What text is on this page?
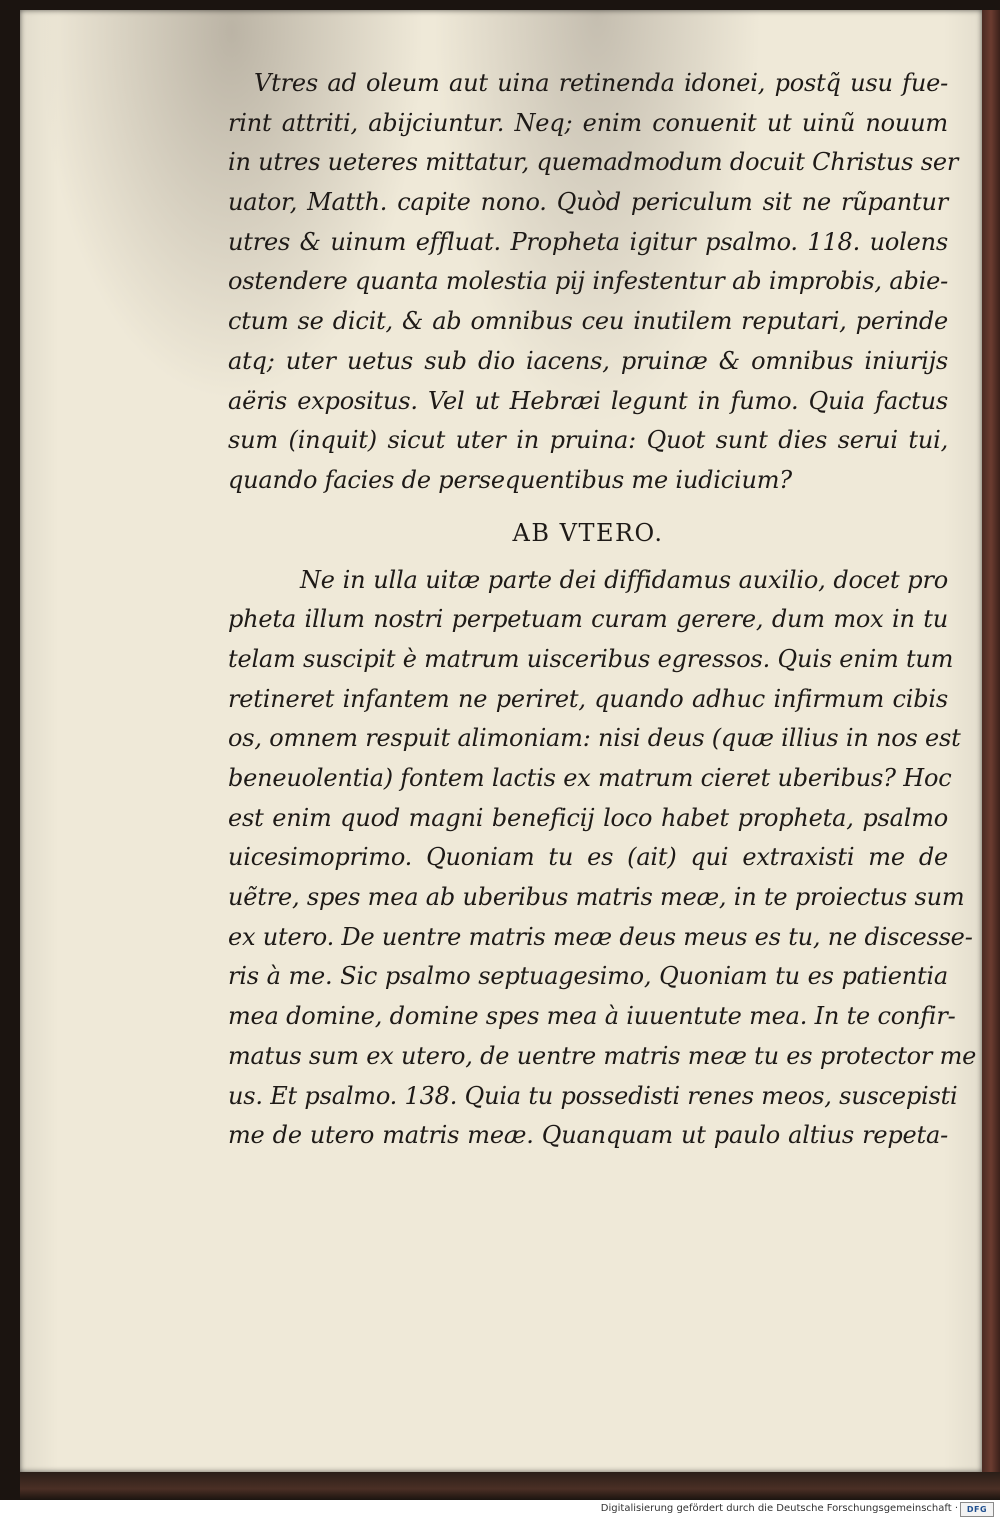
Vtres ad oleum aut uina retinenda idonei, postq̃ usu fue-
rint attriti, abijciuntur. Neq; enim conuenit ut uinũ nouum
in utres ueteres mittatur, quemadmodum docuit Christus ser
uator, Matth. capite nono. Quòd periculum sit ne rũpantur
utres & uinum effluat. Propheta igitur psalmo. 118. uolens
ostendere quanta molestia pij infestentur ab improbis, abie-
ctum se dicit, & ab omnibus ceu inutilem reputari, perinde
atq; uter uetus sub dio iacens, pruinæ & omnibus iniurijs
aëris expositus. Vel ut Hebræi legunt in fumo. Quia factus
sum (inquit) sicut uter in pruina: Quot sunt dies serui tui,
quando facies de persequentibus me iudicium?
AB VTERO.
Ne in ulla uitæ parte dei diffidamus auxilio, docet pro
pheta illum nostri perpetuam curam gerere, dum mox in tu
telam suscipit è matrum uisceribus egressos. Quis enim tum
retineret infantem ne periret, quando adhuc infirmum cibis
os, omnem respuit alimoniam: nisi deus (quæ illius in nos est
beneuolentia) fontem lactis ex matrum cieret uberibus? Hoc
est enim quod magni beneficij loco habet propheta, psalmo
uicesimoprimo. Quoniam tu es (ait) qui extraxisti me de
uẽtre, spes mea ab uberibus matris meæ, in te proiectus sum
ex utero. De uentre matris meæ deus meus es tu, ne discesse-
ris à me. Sic psalmo septuagesimo, Quoniam tu es patientia
mea domine, domine spes mea à iuuentute mea. In te confir-
matus sum ex utero, de uentre matris meæ tu es protector me
us. Et psalmo. 138. Quia tu possedisti renes meos, suscepisti
me de utero matris meæ. Quanquam ut paulo altius repeta-
Digitalisierung gefördert durch die Deutsche Forschungsgemeinschaft ·	DFG
